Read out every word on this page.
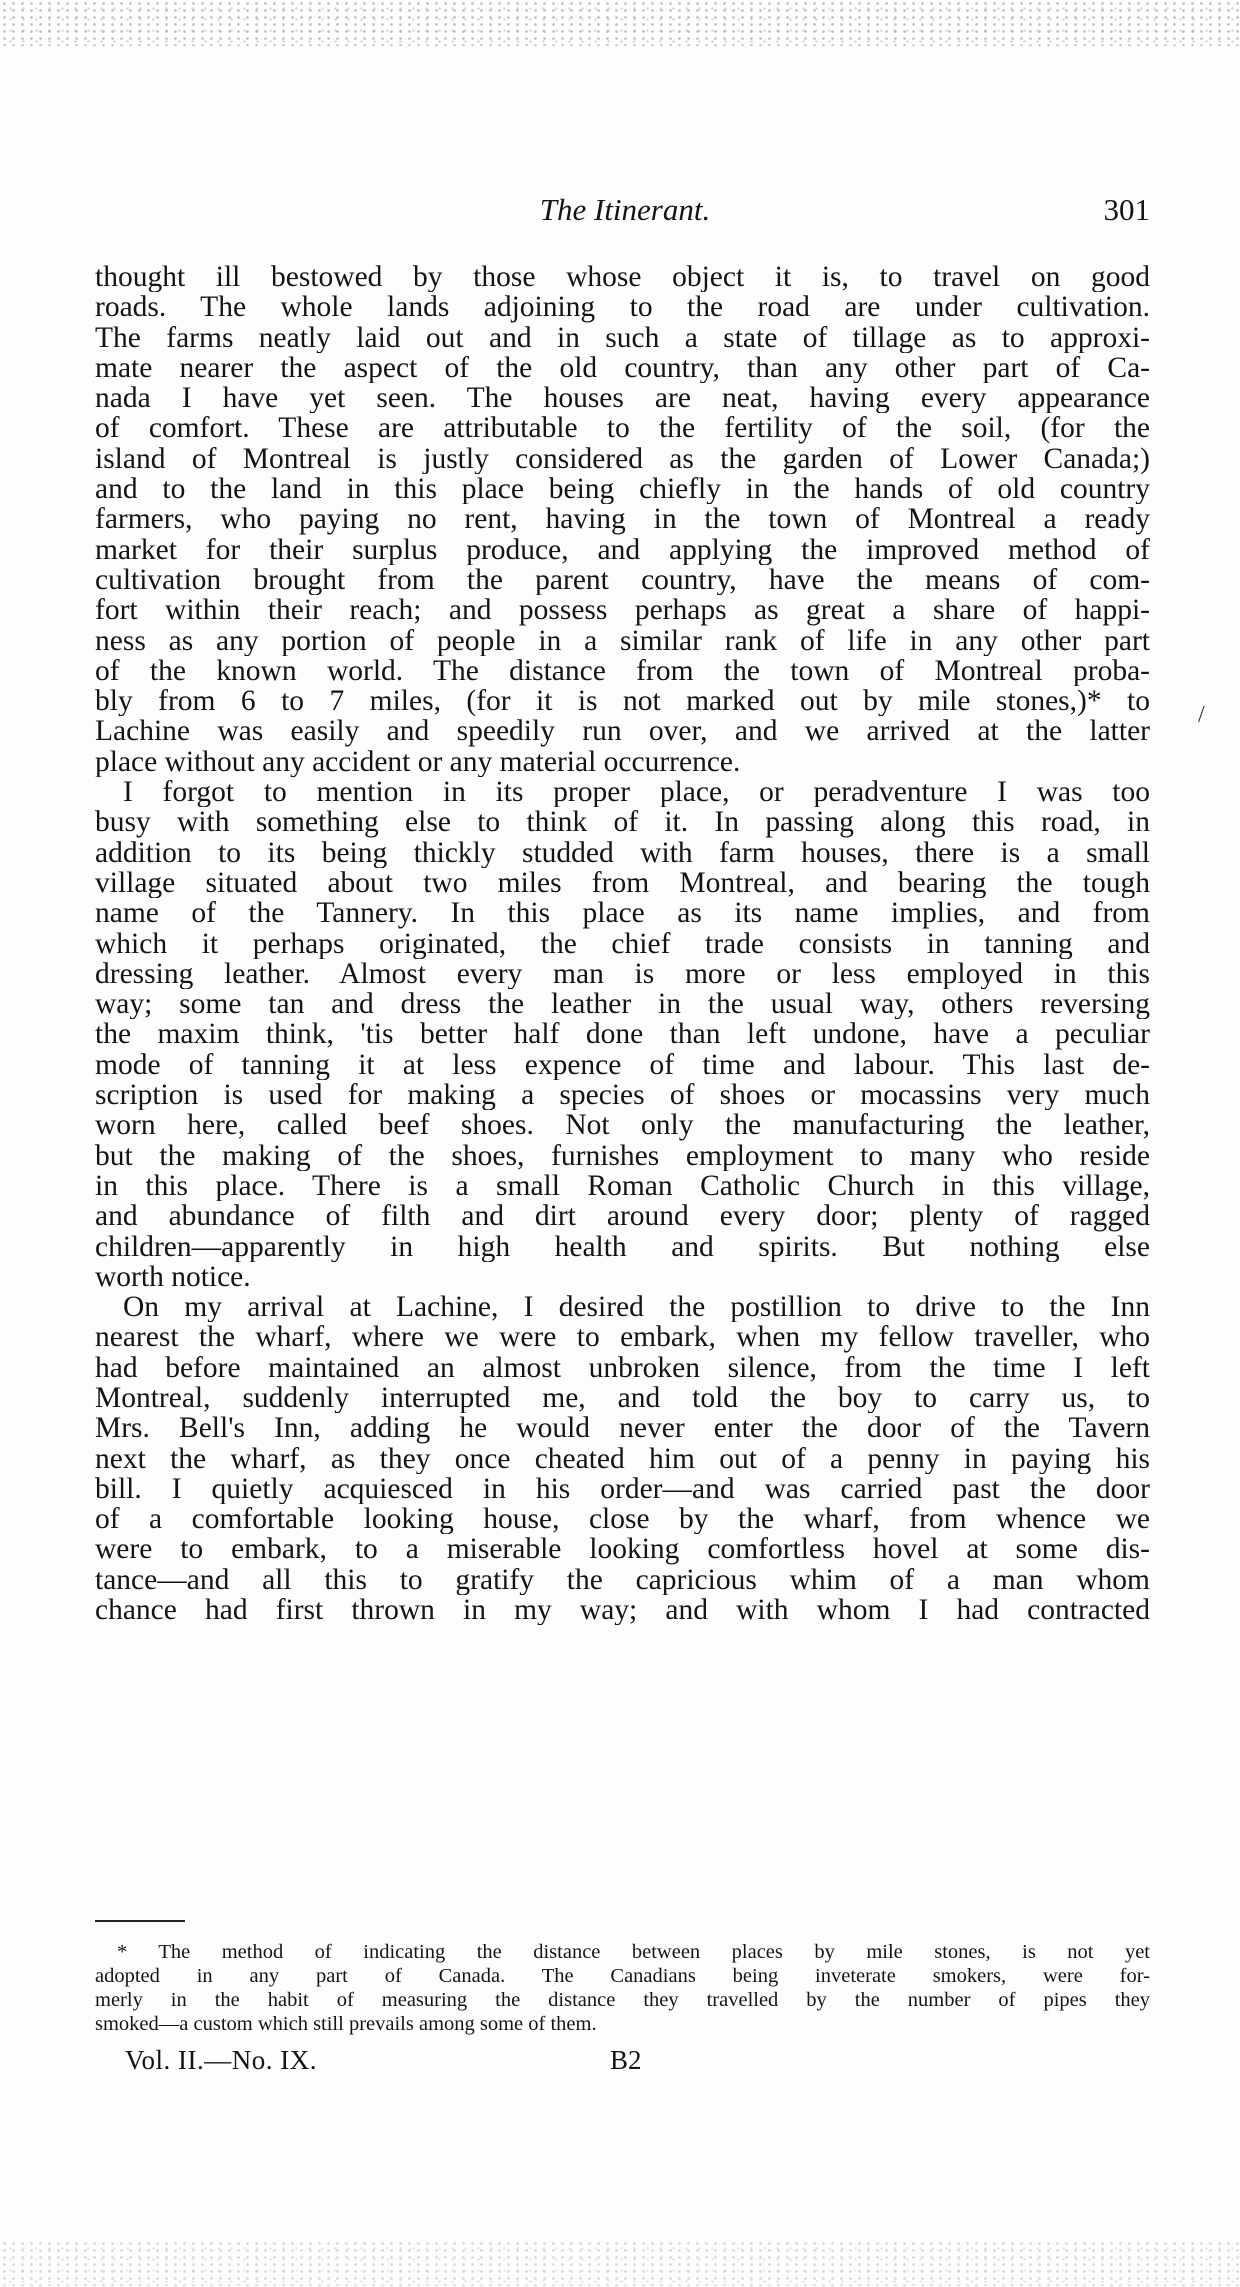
The Itinerant.	301
thought ill bestowed by those whose object it is, to travel on good
roads. The whole lands adjoining to the road are under cultivation.
The farms neatly laid out and in such a state of tillage as to approxi-
mate nearer the aspect of the old country, than any other part of Ca-
nada I have yet seen. The houses are neat, having every appearance
of comfort. These are attributable to the fertility of the soil, (for the
island of Montreal is justly considered as the garden of Lower Canada;)
and to the land in this place being chiefly in the hands of old country
farmers, who paying no rent, having in the town of Montreal a ready
market for their surplus produce, and applying the improved method of
cultivation brought from the parent country, have the means of com-
fort within their reach; and possess perhaps as great a share of happi-
ness as any portion of people in a similar rank of life in any other part
of the known world. The distance from the town of Montreal proba-
bly from 6 to 7 miles, (for it is not marked out by mile stones,)* to
Lachine was easily and speedily run over, and we arrived at the latter
place without any accident or any material occurrence.
I forgot to mention in its proper place, or peradventure I was too
busy with something else to think of it. In passing along this road, in
addition to its being thickly studded with farm houses, there is a small
village situated about two miles from Montreal, and bearing the tough
name of the Tannery. In this place as its name implies, and from
which it perhaps originated, the chief trade consists in tanning and
dressing leather. Almost every man is more or less employed in this
way; some tan and dress the leather in the usual way, others reversing
the maxim think, 'tis better half done than left undone, have a peculiar
mode of tanning it at less expence of time and labour. This last de-
scription is used for making a species of shoes or mocassins very much
worn here, called beef shoes. Not only the manufacturing the leather,
but the making of the shoes, furnishes employment to many who reside
in this place. There is a small Roman Catholic Church in this village,
and abundance of filth and dirt around every door; plenty of ragged
children—apparently in high health and spirits. But nothing else
worth notice.
On my arrival at Lachine, I desired the postillion to drive to the Inn
nearest the wharf, where we were to embark, when my fellow traveller, who
had before maintained an almost unbroken silence, from the time I left
Montreal, suddenly interrupted me, and told the boy to carry us, to
Mrs. Bell's Inn, adding he would never enter the door of the Tavern
next the wharf, as they once cheated him out of a penny in paying his
bill. I quietly acquiesced in his order—and was carried past the door
of a comfortable looking house, close by the wharf, from whence we
were to embark, to a miserable looking comfortless hovel at some dis-
tance—and all this to gratify the capricious whim of a man whom
chance had first thrown in my way; and with whom I had contracted
/
* The method of indicating the distance between places by mile stones, is not yet
adopted in any part of Canada. The Canadians being inveterate smokers, were for-
merly in the habit of measuring the distance they travelled by the number of pipes they
smoked—a custom which still prevails among some of them.
Vol. II.—No. IX.	B2
